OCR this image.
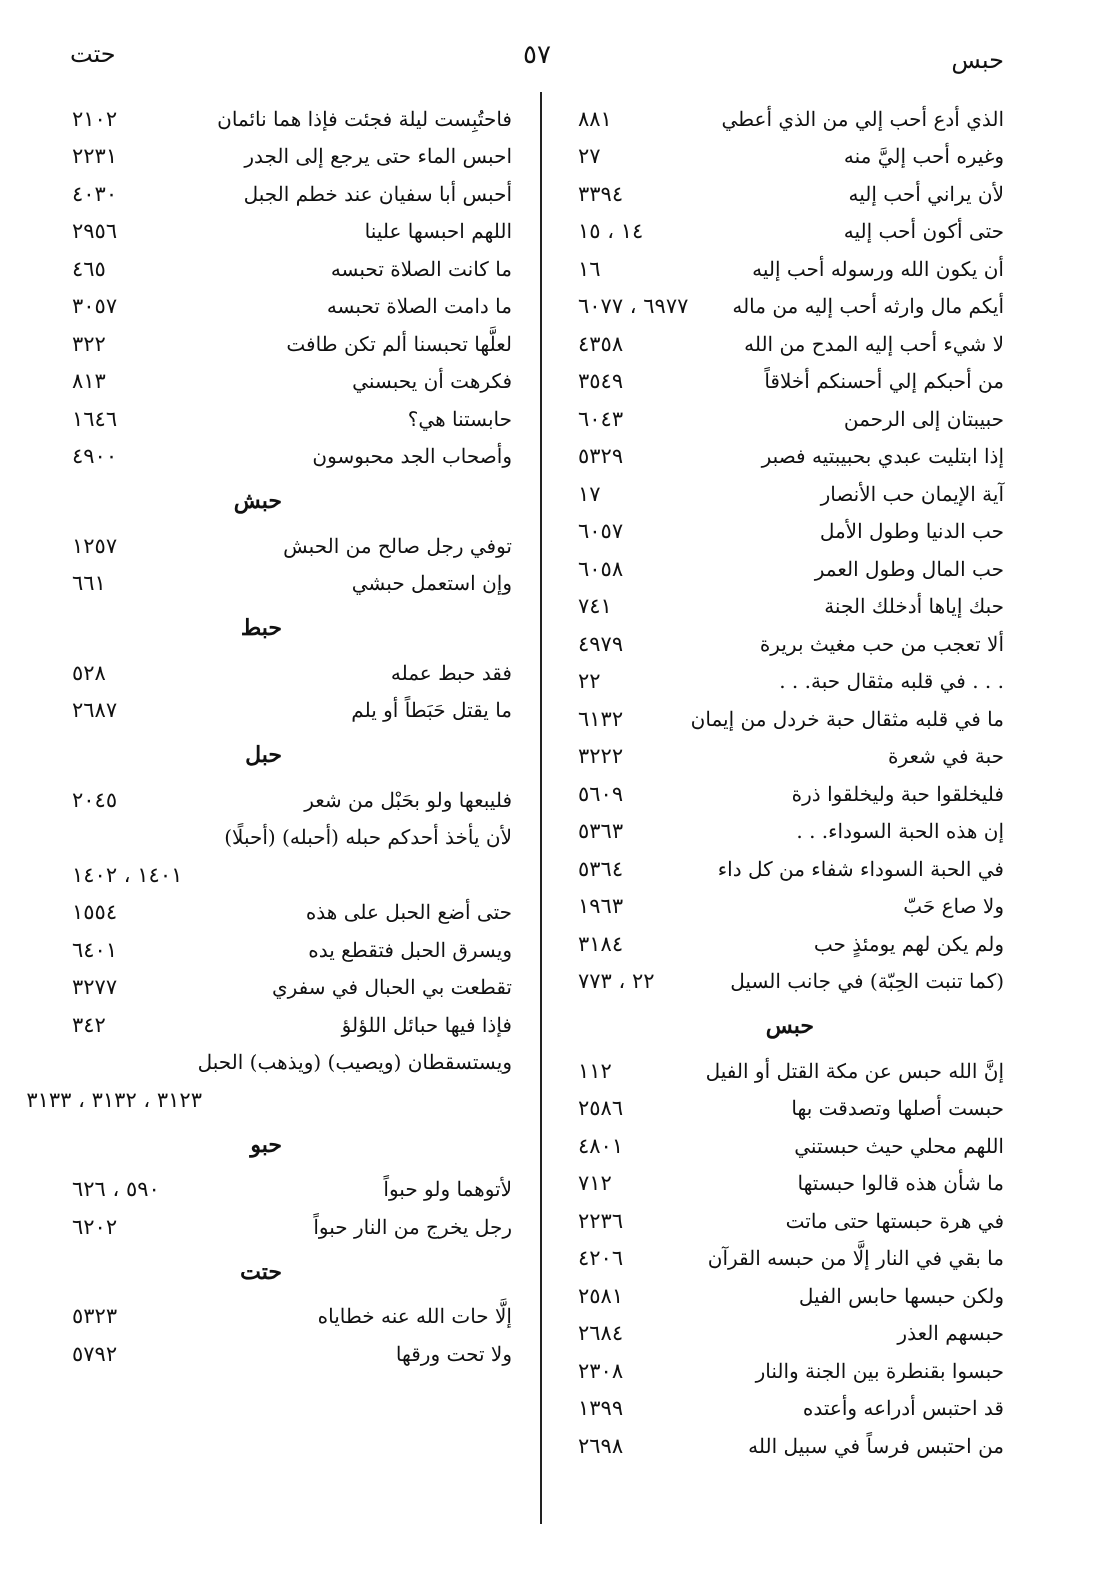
حبس
٥٧
حتت
الذي أدع أحب إلي من الذي أعطي
٨٨١
وغيره أحب إليَّ منه
٢٧
لأن يراني أحب إليه
٣٣٩٤
حتى أكون أحب إليه
١٤ ، ١٥
أن يكون الله ورسوله أحب إليه
١٦
أيكم مال وارثه أحب إليه من ماله
٦٩٧٧ ، ٦٠٧٧
لا شيء أحب إليه المدح من الله
٤٣٥٨
من أحبكم إلي أحسنكم أخلاقاً
٣٥٤٩
حبيبتان إلى الرحمن
٦٠٤٣
إذا ابتليت عبدي بحبيبتيه فصبر
٥٣٢٩
آية الإيمان حب الأنصار
١٧
حب الدنيا وطول الأمل
٦٠٥٧
حب المال وطول العمر
٦٠٥٨
حبك إياها أدخلك الجنة
٧٤١
ألا تعجب من حب مغيث بريرة
٤٩٧٩
. . . في قلبه مثقال حبة. . .
٢٢
ما في قلبه مثقال حبة خردل من إيمان
٦١٣٢
حبة في شعرة
٣٢٢٢
فليخلقوا حبة وليخلقوا ذرة
٥٦٠٩
إن هذه الحبة السوداء. . .
٥٣٦٣
في الحبة السوداء شفاء من كل داء
٥٣٦٤
ولا صاع حَبّ
١٩٦٣
ولم يكن لهم يومئذٍ حب
٣١٨٤
(كما تنبت الحِبّة) في جانب السيل
٢٢ ، ٧٧٣
حبس
إنَّ الله حبس عن مكة القتل أو الفيل
١١٢
حبست أصلها وتصدقت بها
٢٥٨٦
اللهم محلي حيث حبستني
٤٨٠١
ما شأن هذه قالوا حبستها
٧١٢
في هرة حبستها حتى ماتت
٢٢٣٦
ما بقي في النار إلَّا من حبسه القرآن
٤٢٠٦
ولكن حبسها حابس الفيل
٢٥٨١
حبسهم العذر
٢٦٨٤
حبسوا بقنطرة بين الجنة والنار
٢٣٠٨
قد احتبس أدراعه وأعتده
١٣٩٩
من احتبس فرساً في سبيل الله
٢٦٩٨
فاحتُبِست ليلة فجئت فإذا هما نائمان
٢١٠٢
احبس الماء حتى يرجع إلى الجدر
٢٢٣١
أحبس أبا سفيان عند خطم الجبل
٤٠٣٠
اللهم احبسها علينا
٢٩٥٦
ما كانت الصلاة تحبسه
٤٦٥
ما دامت الصلاة تحبسه
٣٠٥٧
لعلَّها تحبسنا ألم تكن طافت
٣٢٢
فكرهت أن يحبسني
٨١٣
حابستنا هي؟
١٦٤٦
وأصحاب الجد محبوسون
٤٩٠٠
حبش
توفي رجل صالح من الحبش
١٢٥٧
وإن استعمل حبشي
٦٦١
حبط
فقد حبط عمله
٥٢٨
ما يقتل حَبَطاً أو يلم
٢٦٨٧
حبل
فليبعها ولو بحَبْل من شعر
٢٠٤٥
لأن يأخذ أحدكم حبله (أحبله) (أحبلًا)
١٤٠١ ، ١٤٠٢
حتى أضع الحبل على هذه
١٥٥٤
ويسرق الحبل فتقطع يده
٦٤٠١
تقطعت بي الحبال في سفري
٣٢٧٧
فإذا فيها حبائل اللؤلؤ
٣٤٢
ويستسقطان (ويصيب) (ويذهب) الحبل
٣١٢٣ ، ٣١٣٢ ، ٣١٣٣
حبو
لأتوهما ولو حبواً
٥٩٠ ، ٦٢٦
رجل يخرج من النار حبواً
٦٢٠٢
حتت
إلَّا حات الله عنه خطاياه
٥٣٢٣
ولا تحت ورقها
٥٧٩٢
